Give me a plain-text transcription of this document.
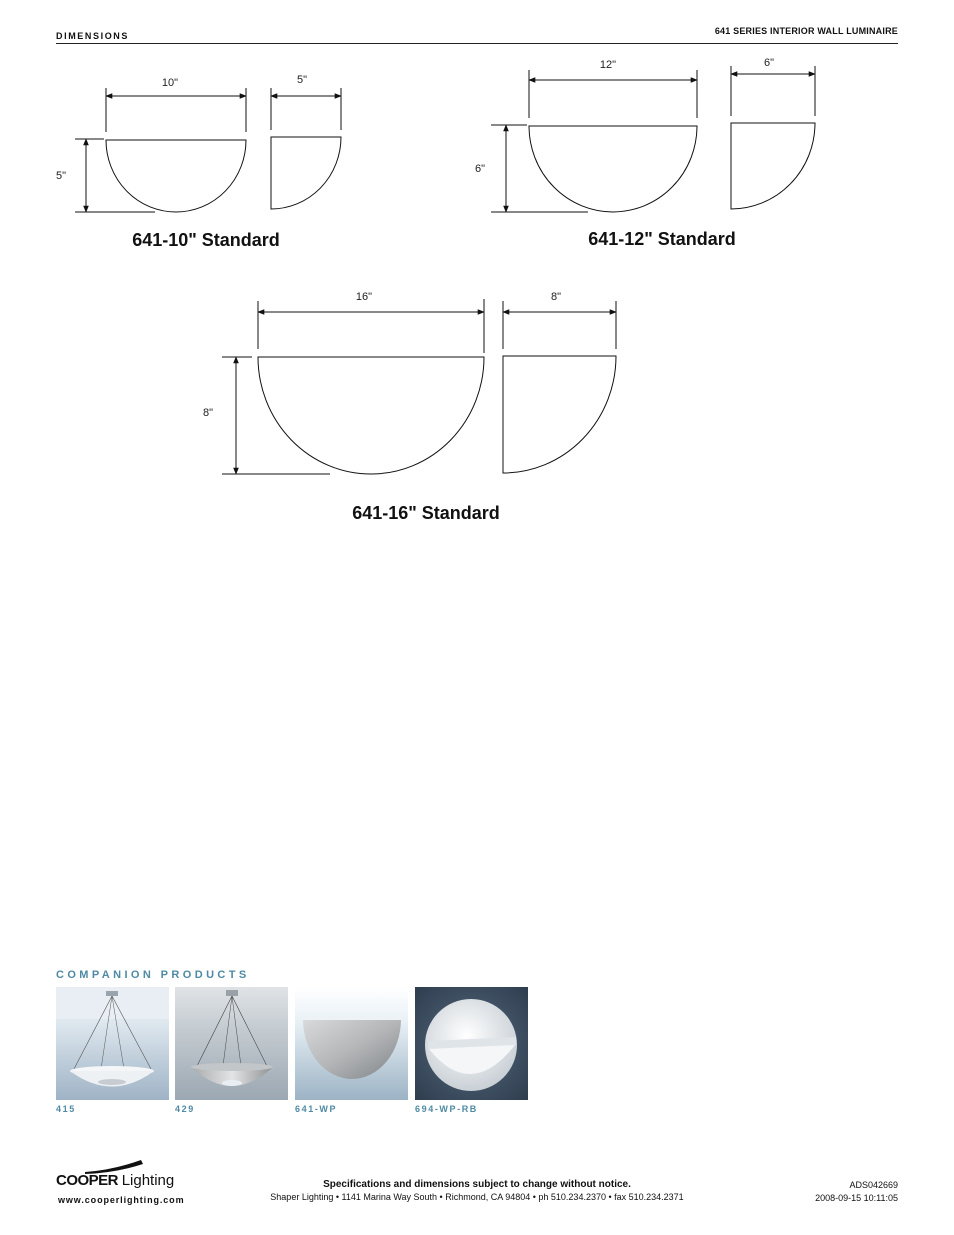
DIMENSIONS	641 SERIES INTERIOR WALL LUMINAIRE
10"	5"
5"
641-10" Standard
12"	6"
6"
641-12" Standard
16"	8"
8"
641-16" Standard
COMPANION PRODUCTS
415	429	641-WP	694-WP-RB
COOPER Lighting
www.cooperlighting.com
Specifications and dimensions subject to change without notice.
Shaper Lighting • 1141 Marina Way South • Richmond, CA 94804 • ph 510.234.2370 • fax 510.234.2371
ADS042669
2008-09-15 10:11:05
